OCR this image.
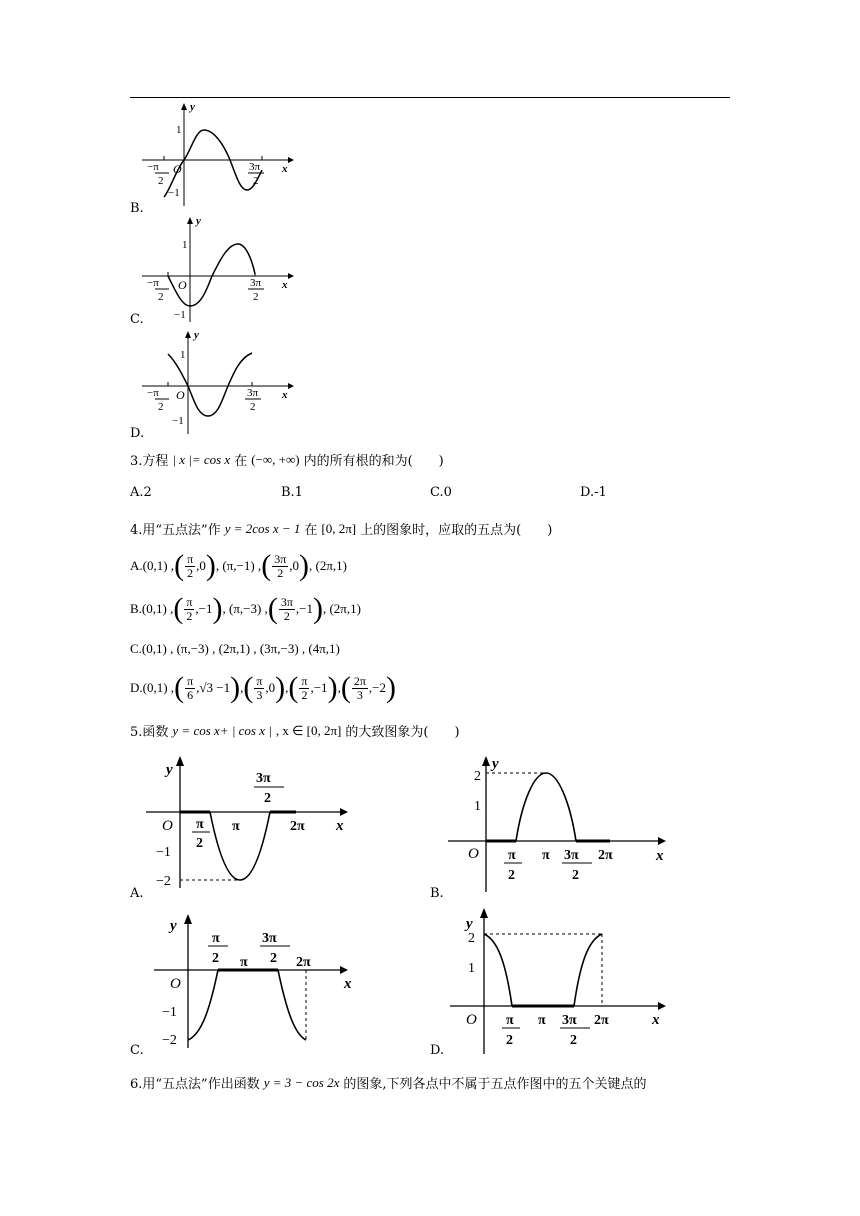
y
x
O
1
−1
−π
2
3π
2
B.
y
x
O
1
−1
−π
2
3π
2
C.
y
x
O
1
−1
−π
2
3π
2
D.
3.方程 | x |= cos x 在 (−∞, +∞) 内的所有根的和为(　　)
A.2	B.1	C.0	D.-1
4.用“五点法”作 y = 2cos x − 1 在 [0, 2π] 上的图象时，应取的五点为(　　)
A. (0,1) , ( $\frac{\pi}{2} ,0$ ) , (π,−1) , ( $\frac{3\pi}{2} ,0$ ) , (2π,1)
B. (0,1) , ( $\frac{\pi}{2} ,-1$ ) , (π,−3) , ( $\frac{3\pi}{2} ,-1$ ) , (2π,1)
C. (0,1) , (π,−3) , (2π,1) , (3π,−3) , (4π,1)
D. (0,1) , ( $\frac{\pi}{6} ,√3 -1$ ) , ( $\frac{\pi}{3} ,0$ ) , ( $\frac{\pi}{2} ,-1$ ) , ( $\frac{2\pi}{3} ,-2$ )
5.函数 y = cos x+ | cos x | , x ∈ [0, 2π] 的大致图象为(　　)
y
x
O
−1
−2
π
2
π
3π
2
2π
A.
y
x
O
2
1
π
2
π 3π
2
2π
B.
y
x
O
−1
−2
π
2 π
3π
2 2π
C.
y
x
O
2
1
π
2
π 3π
2
2π
D.
6.用“五点法”作出函数 y = 3 − cos 2x 的图象,下列各点中不属于五点作图中的五个关键点的
